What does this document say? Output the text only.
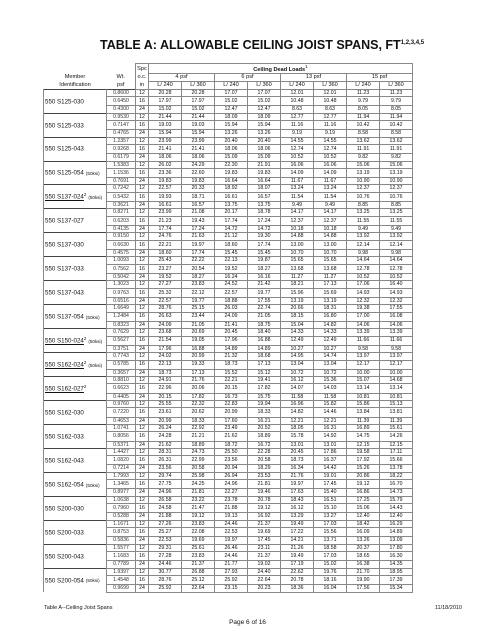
TABLE A: ALLOWABLE CEILING JOIST SPANS, FT$^{1,2,3,4,5}$
		Spc	Ceiling Dead Loads$^1$
Member	Wt.	o.c.	4 psf		6 psf		13 psf		15 psf	
Identification	psf	in	L/ 240	L/ 360	L/ 240	L/ 360	L/ 240	L/ 360	L/ 240	L/ 360
	0.8600	12	20.28	20.28	17.07	17.07	12.01	12.01	11.23	11.23
550 S125-030	0.6450	16	17.97	17.97	15.02	15.02	10.48	10.48	9.79	9.79
	0.4300	24	15.02	15.02	12.47	12.47	8.63	8.63	8.05	8.05
	0.9530	12	21.44	21.44	18.09	18.09	12.77	12.77	11.94	11.94
550 S125-033	0.7147	16	19.03	19.03	15.94	15.94	11.16	11.16	10.42	10.42
	0.4765	24	15.94	15.94	13.26	13.26	9.19	9.19	8.58	8.58
	1.2357	12	23.99	23.99	20.40	20.40	14.55	14.55	13.62	13.62
550 S125-043	0.9268	16	21.41	21.41	18.06	18.06	12.74	12.74	11.91	11.91
	0.6179	24	18.06	18.06	15.09	15.09	10.52	10.52	9.82	9.82
	1.5383	12	26.02	24.29	22.30	21.91	16.06	16.06	15.06	15.06
550 S125-054 (50ksi)	1.1536	16	23.36	22.60	19.83	19.83	14.09	14.09	13.19	13.19
	0.7691	24	19.83	19.83	16.64	16.64	11.67	11.67	10.90	10.90
	0.7242	12	22.57	20.33	18.92	18.07	13.24	13.24	12.37	12.37
550 $S137-024^2(50ksi)$	0.5432	16	19.93	18.71	16.61	16.57	11.54	11.54	10.76	10.76
	0.3621	24	16.61	16.57	13.75	13.75	9.49	9.49	8.85	8.85
	0.8271	12	23.99	21.08	20.17	18.78	14.17	14.17	13.25	13.25
550 S137-027	0.6203	16	21.23	19.43	17.74	17.24	12.37	12.37	11.55	11.55
	0.4135	24	17.74	17.24	14.72	14.72	10.18	10.18	9.49	9.49
	0.9150	12	24.76	21.63	21.12	19.30	14.88	14.88	13.92	13.92
550 S137-030	0.6630	16	22.21	19.97	18.60	17.74	13.00	13.00	12.14	12.14
	0.4575	24	18.60	17.74	15.45	15.45	10.70	10.70	9.98	9.98
	1.0093	12	25.43	22.22	22.13	19.87	15.65	15.65	14.64	14.64
550 S137-033	0.7562	16	23.27	20.54	19.52	18.27	13.68	13.68	12.78	12.78
	0.5042	24	19.52	18.27	16.24	16.16	11.27	11.27	10.52	10.52
	1.3023	12	27.27	23.83	24.52	21.42	18.21	17.13	17.06	16.40
550 S137-043	0.9763	16	25.32	22.12	22.57	19.77	15.96	15.69	14.93	14.93
	0.6516	24	22.57	19.77	18.88	17.55	13.19	13.19	12.32	12.32
	1.6649	12	28.76	25.15	26.03	22.74	20.66	18.31	19.38	17.55
550 S137-054 (50ksi)	1.2484	16	26.63	23.44	24.09	21.05	18.15	16.80	17.00	16.08
	0.8323	24	24.09	21.05	21.41	18.75	15.04	14.82	14.06	14.06
	0.7629	12	23.68	20.69	20.45	18.40	14.33	14.33	13.39	13.39
550 $S150-024^2(50ksi)$	0.5627	16	21.54	19.05	17.96	16.88	12.49	12.49	11.66	11.66
	0.3751	24	17.96	16.88	14.89	14.89	10.27	10.27	9.58	9.58
	0.7743	12	24.02	20.99	21.32	18.68	14.95	14.74	13.97	13.97
550 $S162-024^2(50ksi)$	0.5785	16	22.13	19.33	18.73	17.13	13.04	13.04	12.17	12.17
	0.3657	24	18.73	17.13	15.52	15.12	10.72	10.72	10.00	10.00
	0.8810	12	24.91	21.76	22.21	19.41	16.12	15.36	15.07	14.68
550 $S162-027^2$	0.6623	16	22.96	20.06	20.15	17.82	14.07	14.03	13.14	13.14
	0.4405	24	20.15	17.82	16.73	15.75	11.58	11.58	10.81	10.81
	0.9760	12	25.55	22.32	22.83	19.94	16.96	15.82	15.86	15.13
550 S162-030	0.7220	16	23.61	20.62	20.99	18.33	14.82	14.46	13.84	13.81
	0.4653	24	20.99	18.33	17.60	16.21	12.21	12.21	11.39	11.39
	1.0741	12	26.24	22.92	23.49	20.52	18.05	16.31	16.89	15.61
550 S162-033	0.8056	16	24.28	21.21	21.62	18.89	15.78	14.92	14.75	14.26
	0.5371	24	21.62	18.89	18.72	16.72	13.01	13.01	12.15	12.15
	1.4427	12	28.31	24.73	25.50	22.28	20.45	17.86	19.58	17.11
550 S162-043	1.0820	16	26.31	22.99	23.56	20.58	18.73	16.37	17.92	15.66
	0.7214	24	23.56	20.58	20.94	18.29	16.34	14.42	15.26	13.78
	1.7993	12	29.74	25.98	26.94	23.53	21.76	19.01	20.86	18.22
550 S162-054 (50ksi)	1.3465	16	27.75	24.25	24.96	21.81	19.97	17.45	19.12	16.70
	0.8977	24	24.96	21.81	22.27	19.46	17.63	15.40	16.86	14.73
	1.0638	12	26.58	23.22	23.78	20.78	18.43	16.51	17.25	15.79
550 S200-030	0.7960	16	24.58	21.47	21.88	19.12	16.12	15.10	15.06	14.43
	0.5288	24	21.88	19.12	19.13	16.92	13.29	13.27	12.40	12.40
	1.1671	12	27.26	23.83	24.46	21.37	19.49	17.03	18.42	16.29
550 S200-033	0.8753	16	25.27	22.08	22.53	19.69	17.22	15.56	16.09	14.89
	0.5836	24	22.53	19.69	19.97	17.45	14.21	13.71	13.26	13.09
	1.5577	12	29.31	25.61	26.46	23.11	21.26	18.58	20.37	17.80
550 S200-043	1.1683	16	27.28	23.83	24.46	21.37	19.49	17.03	18.65	16.30
	0.7789	24	24.46	21.37	21.77	19.02	17.19	15.02	16.38	14.35
	1.9397	12	30.77	26.88	27.93	24.40	22.62	19.76	21.70	18.95
550 S200-054 (50ksi)	1.4548	16	28.76	25.12	25.92	22.64	20.78	18.16	19.90	17.39
	0.9699	24	25.92	22.64	23.15	20.23	18.36	16.04	17.56	15.34
Table A--Ceiling Joist Spans	11/18/2010
Page 6 of 16
